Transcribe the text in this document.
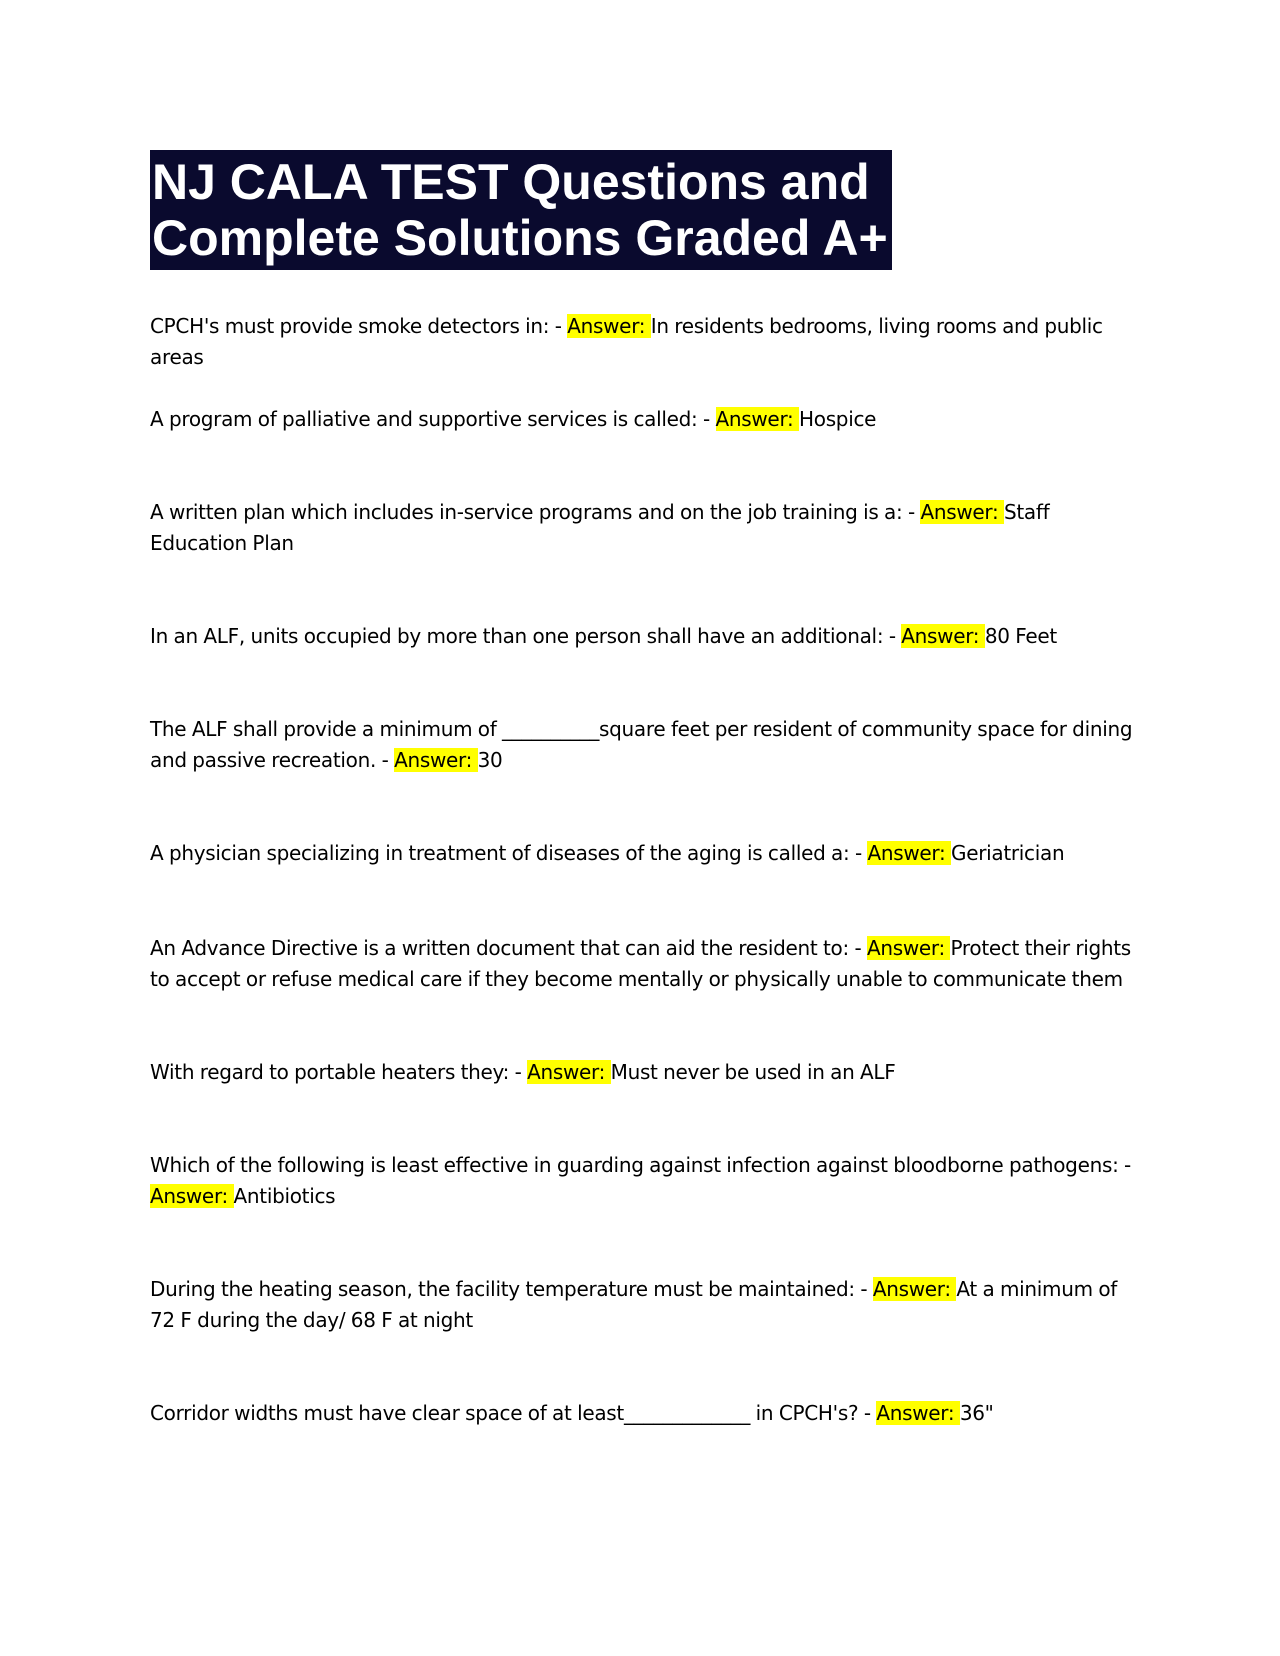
NJ CALA TEST Questions and
Complete Solutions Graded A+

CPCH's must provide smoke detectors in: - Answer: In residents bedrooms, living rooms and public areas

A program of palliative and supportive services is called: - Answer: Hospice

A written plan which includes in-service programs and on the job training is a: - Answer: Staff Education Plan

In an ALF, units occupied by more than one person shall have an additional: - Answer: 80 Feet

The ALF shall provide a minimum of __________square feet per resident of community space for dining and passive recreation. - Answer: 30

A physician specializing in treatment of diseases of the aging is called a: - Answer: Geriatrician

An Advance Directive is a written document that can aid the resident to: - Answer: Protect their rights to accept or refuse medical care if they become mentally or physically unable to communicate them

With regard to portable heaters they: - Answer: Must never be used in an ALF

Which of the following is least effective in guarding against infection against bloodborne pathogens: - Answer: Antibiotics

During the heating season, the facility temperature must be maintained: - Answer: At a minimum of 72 F during the day/ 68 F at night

Corridor widths must have clear space of at least_____________ in CPCH's? - Answer: 36"
